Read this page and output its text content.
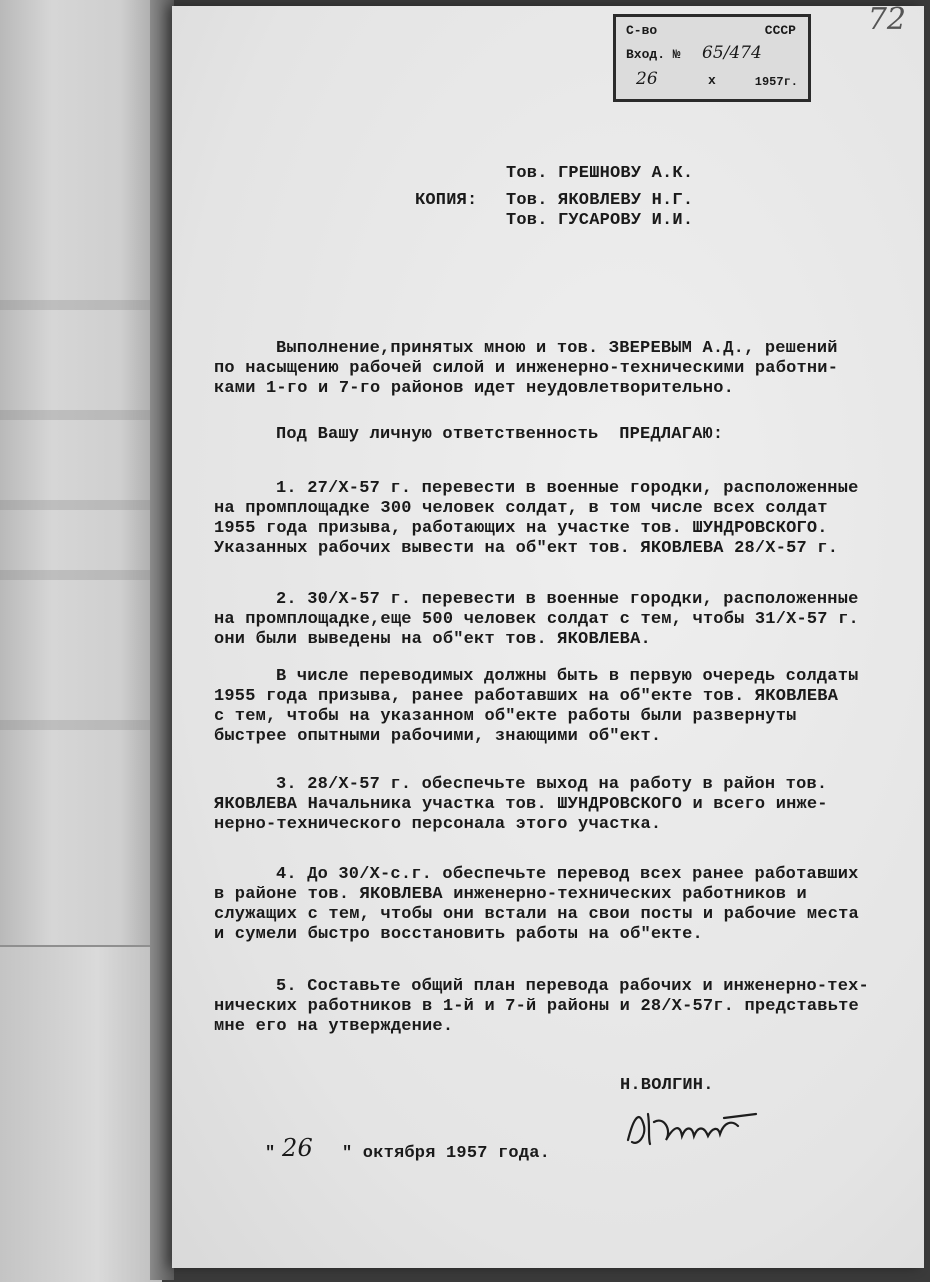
72
С-во	СССР
Вход. № 65/474
26	x	1957г.
Тов. ГРЕШНОВУ А.К.
КОПИЯ: Тов. ЯКОВЛЕВУ Н.Г.
Тов. ГУСАРОВУ И.И.
Выполнение,принятых мною и тов. ЗВЕРЕВЫМ А.Д., решений
по насыщению рабочей силой и инженерно-техническими работни-
ками 1-го и 7-го районов идет неудовлетворительно.
Под Вашу личную ответственность  ПРЕДЛАГАЮ:
1. 27/Х-57 г. перевести в военные городки, расположенные
на промплощадке 300 человек солдат, в том числе всех солдат
1955 года призыва, работающих на участке тов. ШУНДРОВСКОГО.
Указанных рабочих вывести на об"ект тов. ЯКОВЛЕВА 28/Х-57 г.
2. 30/Х-57 г. перевести в военные городки, расположенные
на промплощадке,еще 500 человек солдат с тем, чтобы 31/Х-57 г.
они были выведены на об"ект тов. ЯКОВЛЕВА.
В числе переводимых должны быть в первую очередь солдаты
1955 года призыва, ранее работавших на об"екте тов. ЯКОВЛЕВА
с тем, чтобы на указанном об"екте работы были развернуты
быстрее опытными рабочими, знающими об"ект.
3. 28/Х-57 г. обеспечьте выход на работу в район тов.
ЯКОВЛЕВА Начальника участка тов. ШУНДРОВСКОГО и всего инже-
нерно-технического персонала этого участка.
4. До 30/Х-с.г. обеспечьте перевод всех ранее работавших
в районе тов. ЯКОВЛЕВА инженерно-технических работников и
служащих с тем, чтобы они встали на свои посты и рабочие места
и сумели быстро восстановить работы на об"екте.
5. Составьте общий план перевода рабочих и инженерно-тех-
нических работников в 1-й и 7-й районы и 28/Х-57г. представьте
мне его на утверждение.
Н.ВОЛГИН.
" 26 " октября 1957 года.
